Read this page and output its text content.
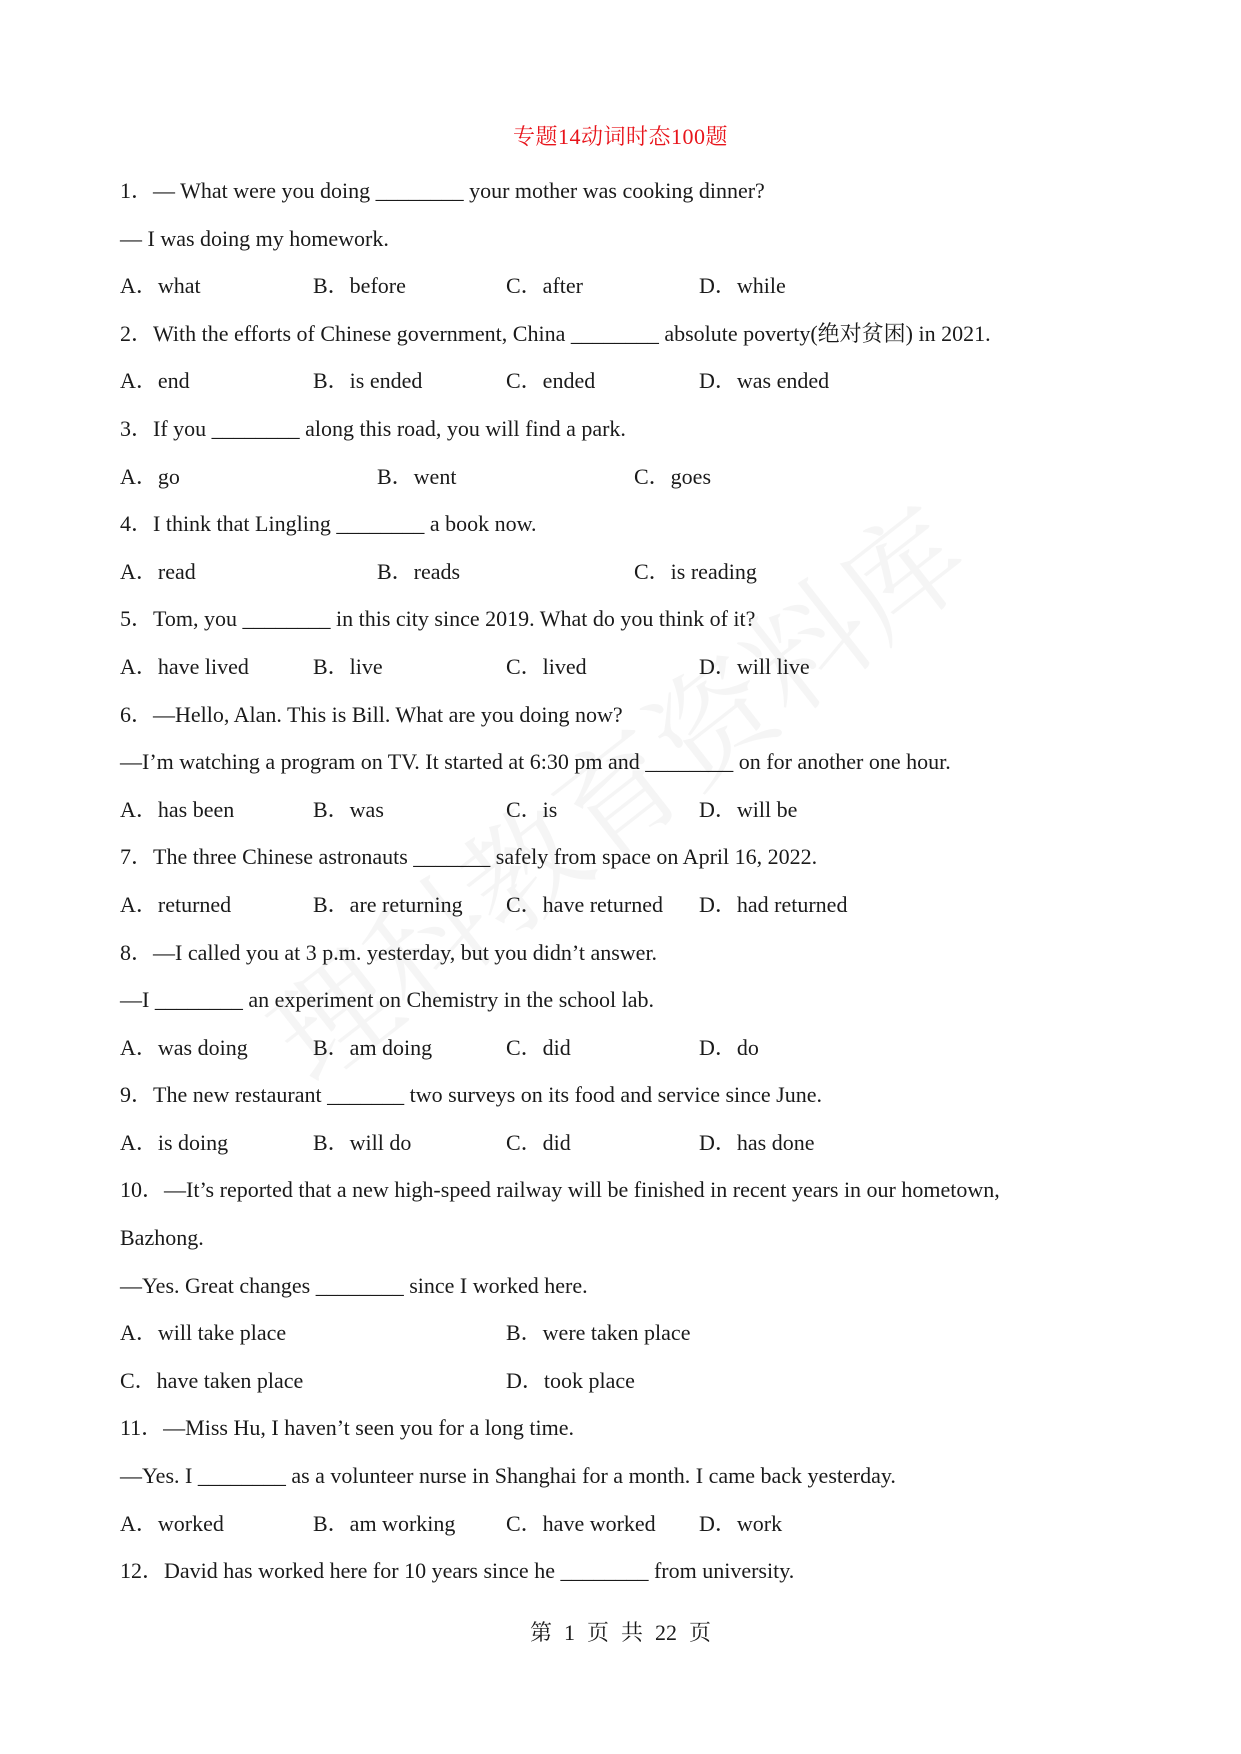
专题14动词时态100题
1．— What were you doing ________ your mother was cooking dinner?
— I was doing my homework.
A．what	B．before	C．after	D．while
2．With the efforts of Chinese government, China ________ absolute poverty(绝对贫困) in 2021.
A．end	B．is ended	C．ended	D．was ended
3．If you ________ along this road, you will find a park.
A．go	B．went	C．goes
4．I think that Lingling ________ a book now.
A．read	B．reads	C．is reading
5．Tom, you ________ in this city since 2019. What do you think of it?
A．have lived	B．live	C．lived	D．will live
6．—Hello, Alan. This is Bill. What are you doing now?
—I’m watching a program on TV. It started at 6:30 pm and ________ on for another one hour.
A．has been	B．was	C．is	D．will be
7．The three Chinese astronauts _______ safely from space on April 16, 2022.
A．returned	B．are returning C．have returned D．had returned
8．—I called you at 3 p.m. yesterday, but you didn’t answer.
—I ________ an experiment on Chemistry in the school lab.
A．was doing	B．am doing	C．did	D．do
9．The new restaurant _______ two surveys on its food and service since June.
A．is doing	B．will do	C．did	D．has done
10．—It’s reported that a new high-speed railway will be finished in recent years in our hometown,
Bazhong.
—Yes. Great changes ________ since I worked here.
A．will take place	B．were taken place
C．have taken place	D．took place
11．—Miss Hu, I haven’t seen you for a long time.
—Yes. I ________ as a volunteer nurse in Shanghai for a month. I came back yesterday.
A．worked	B．am working C．have worked D．work
12．David has worked here for 10 years since he ________ from university.
第 1 页 共 22 页
